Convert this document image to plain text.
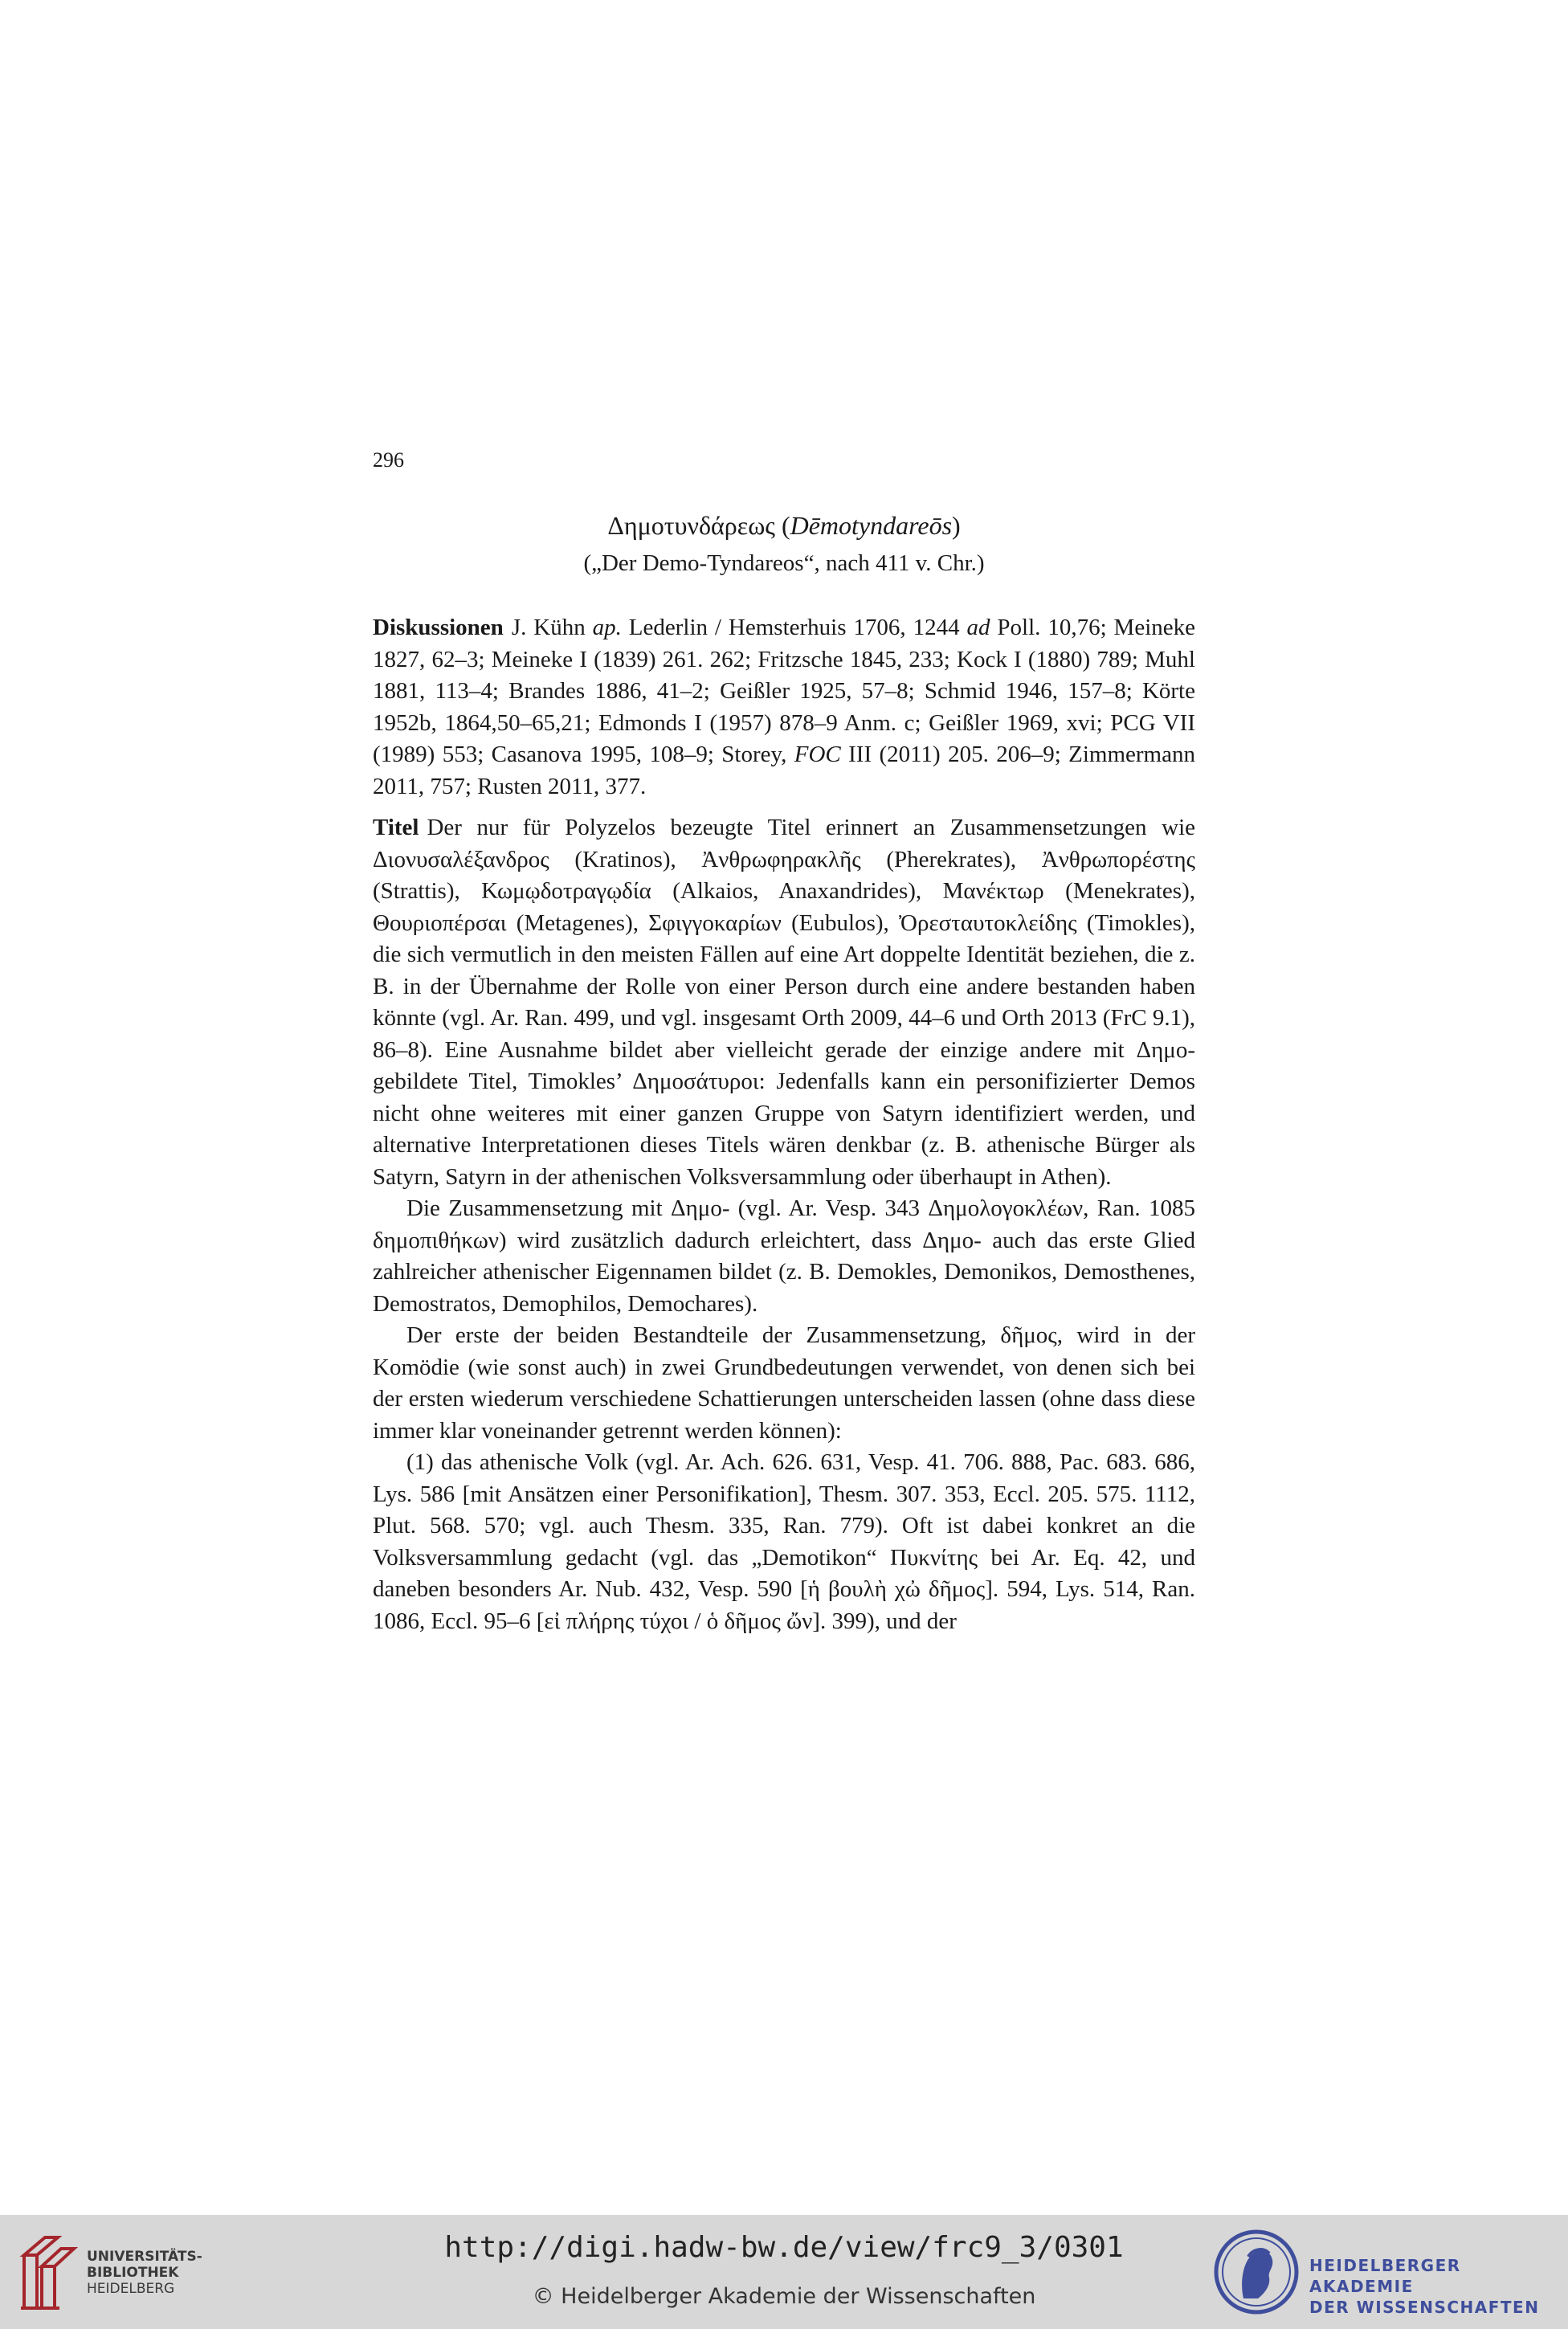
296
Δημοτυνδάρεως (Dēmotyndareōs)
(„Der Demo-Tyndareos“, nach 411 v. Chr.)

Diskussionen J. Kühn ap. Lederlin / Hemsterhuis 1706, 1244 ad Poll. 10,76; Meineke 1827, 62–3; Meineke I (1839) 261. 262; Fritzsche 1845, 233; Kock I (1880) 789; Muhl 1881, 113–4; Brandes 1886, 41–2; Geißler 1925, 57–8; Schmid 1946, 157–8; Körte 1952b, 1864,50–65,21; Edmonds I (1957) 878–9 Anm. c; Geißler 1969, xvi; PCG VII (1989) 553; Casanova 1995, 108–9; Storey, FOC III (2011) 205. 206–9; Zimmermann 2011, 757; Rusten 2011, 377.

Titel Der nur für Polyzelos bezeugte Titel erinnert an Zusammensetzungen wie Διονυσαλέξανδρος (Kratinos), Ἀνθρωφηρακλῆς (Pherekrates), Ἀνθρωπορέστης (Strattis), Κωμῳδοτραγῳδία (Alkaios, Anaxandrides), Μανέκτωρ (Menekrates), Θουριοπέρσαι (Metagenes), Σφιγγοκαρίων (Eubulos), Ὀρεσταυτοκλείδης (Timokles), die sich vermutlich in den meisten Fällen auf eine Art doppelte Identität beziehen, die z. B. in der Übernahme der Rolle von einer Person durch eine andere bestanden haben könnte (vgl. Ar. Ran. 499, und vgl. insgesamt Orth 2009, 44–6 und Orth 2013 (FrC 9.1), 86–8). Eine Ausnahme bildet aber vielleicht gerade der einzige andere mit Δημο- gebildete Titel, Timokles’ Δημοσάτυροι: Jedenfalls kann ein personifizierter Demos nicht ohne weiteres mit einer ganzen Gruppe von Satyrn identifiziert werden, und alternative Interpretationen dieses Titels wären denkbar (z. B. athenische Bürger als Satyrn, Satyrn in der athenischen Volksversammlung oder überhaupt in Athen).

Die Zusammensetzung mit Δημο- (vgl. Ar. Vesp. 343 Δημολογοκλέων, Ran. 1085 δημοπιθήκων) wird zusätzlich dadurch erleichtert, dass Δημο- auch das erste Glied zahlreicher athenischer Eigennamen bildet (z. B. Demokles, Demonikos, Demosthenes, Demostratos, Demophilos, Demochares).

Der erste der beiden Bestandteile der Zusammensetzung, δῆμος, wird in der Komödie (wie sonst auch) in zwei Grundbedeutungen verwendet, von denen sich bei der ersten wiederum verschiedene Schattierungen unterscheiden lassen (ohne dass diese immer klar voneinander getrennt werden können):

(1) das athenische Volk (vgl. Ar. Ach. 626. 631, Vesp. 41. 706. 888, Pac. 683. 686, Lys. 586 [mit Ansätzen einer Personifikation], Thesm. 307. 353, Eccl. 205. 575. 1112, Plut. 568. 570; vgl. auch Thesm. 335, Ran. 779). Oft ist dabei konkret an die Volksversammlung gedacht (vgl. das „Demotikon“ Πυκνίτης bei Ar. Eq. 42, und daneben besonders Ar. Nub. 432, Vesp. 590 [ἡ βουλὴ χὠ δῆμος]. 594, Lys. 514, Ran. 1086, Eccl. 95–6 [εἰ πλήρης τύχοι / ὁ δῆμος ὤν]. 399), und der

UNIVERSITÄTS-
BIBLIOTHEK
HEIDELBERG
http://digi.hadw-bw.de/view/frc9_3/0301
© Heidelberger Akademie der Wissenschaften
HEIDELBERGER AKADEMIE
DER WISSENSCHAFTEN
